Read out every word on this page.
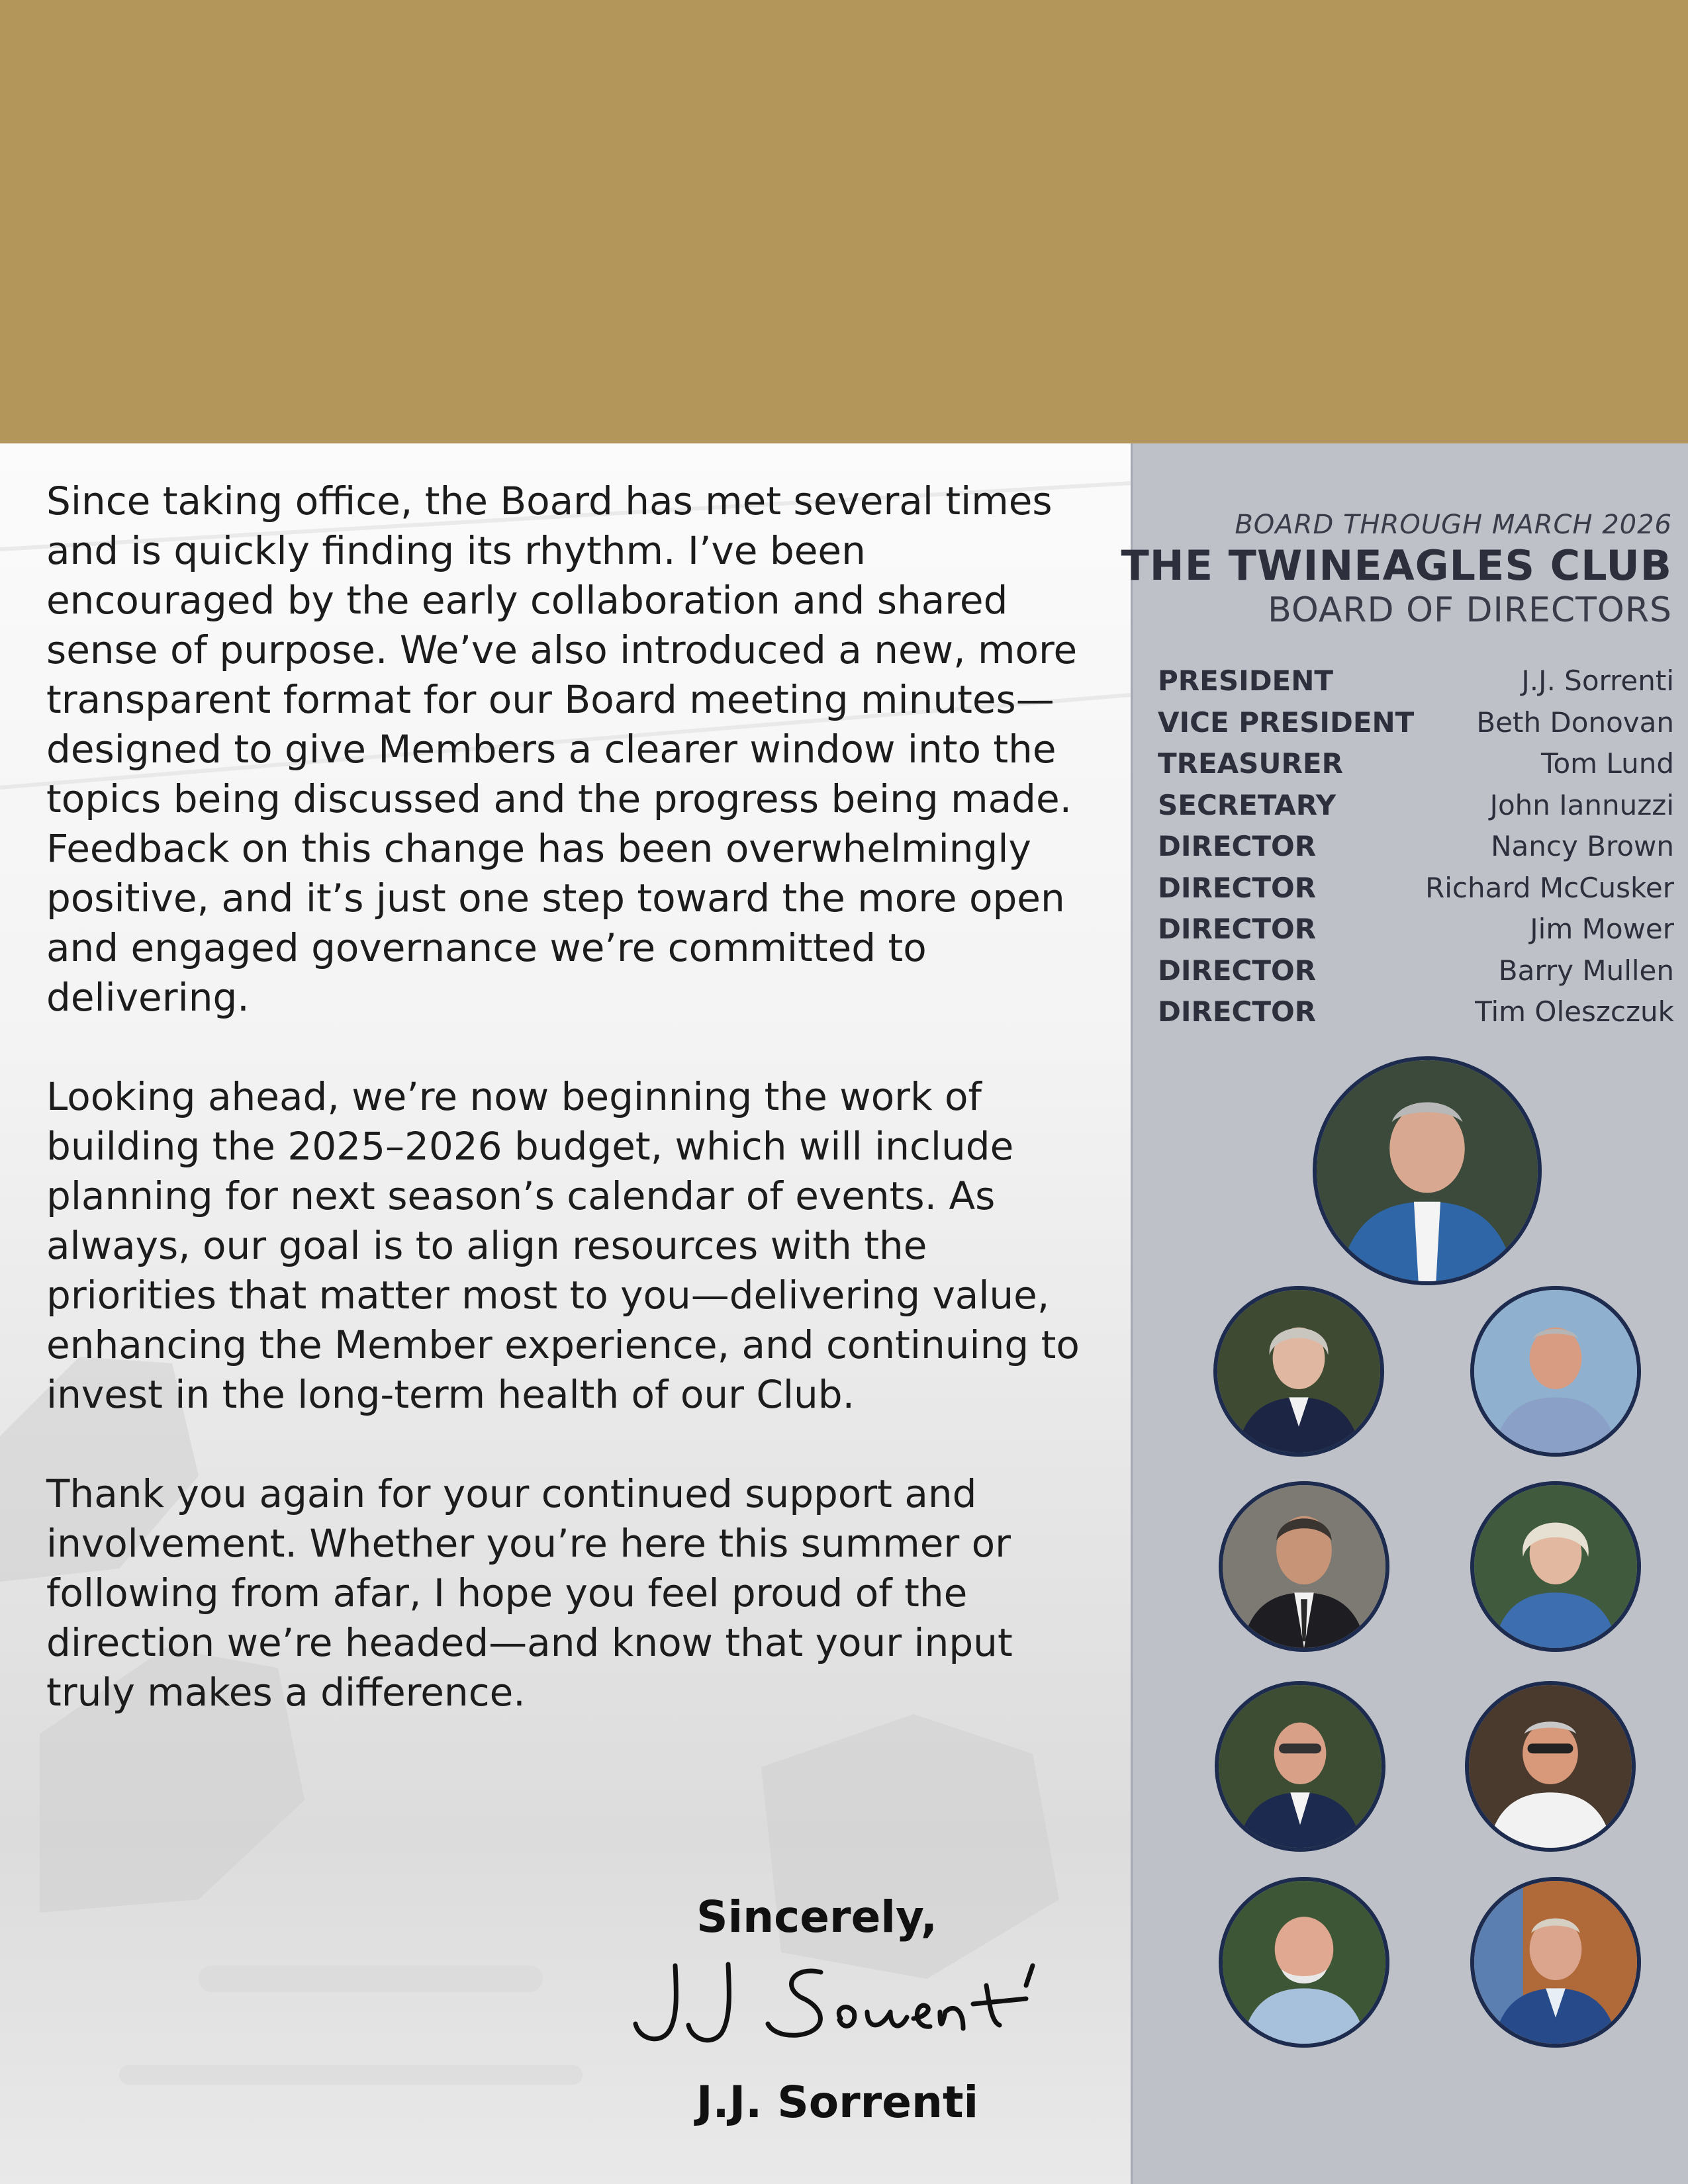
Since taking office, the Board has met several times and is quickly finding its rhythm. I’ve been encouraged by the early collaboration and shared sense of purpose. We’ve also introduced a new, more transparent format for our Board meeting minutes—designed to give Members a clearer window into the topics being discussed and the progress being made. Feedback on this change has been overwhelmingly positive, and it’s just one step toward the more open and engaged governance we’re committed to delivering.

Looking ahead, we’re now beginning the work of building the 2025–2026 budget, which will include planning for next season’s calendar of events. As always, our goal is to align resources with the priorities that matter most to you—delivering value, enhancing the Member experience, and continuing to invest in the long-term health of our Club.

Thank you again for your continued support and involvement. Whether you’re here this summer or following from afar, I hope you feel proud of the direction we’re headed—and know that your input truly makes a difference.

Sincerely,
J.J. Sorrenti
BOARD THROUGH MARCH 2026
THE TWINEAGLES CLUB
BOARD OF DIRECTORS
PRESIDENT	J.J. Sorrenti
VICE PRESIDENT Beth Donovan
TREASURER	Tom Lund
SECRETARY	John Iannuzzi
DIRECTOR	Nancy Brown
DIRECTOR	Richard McCusker
DIRECTOR	Jim Mower
DIRECTOR	Barry Mullen
DIRECTOR	Tim Oleszczuk
